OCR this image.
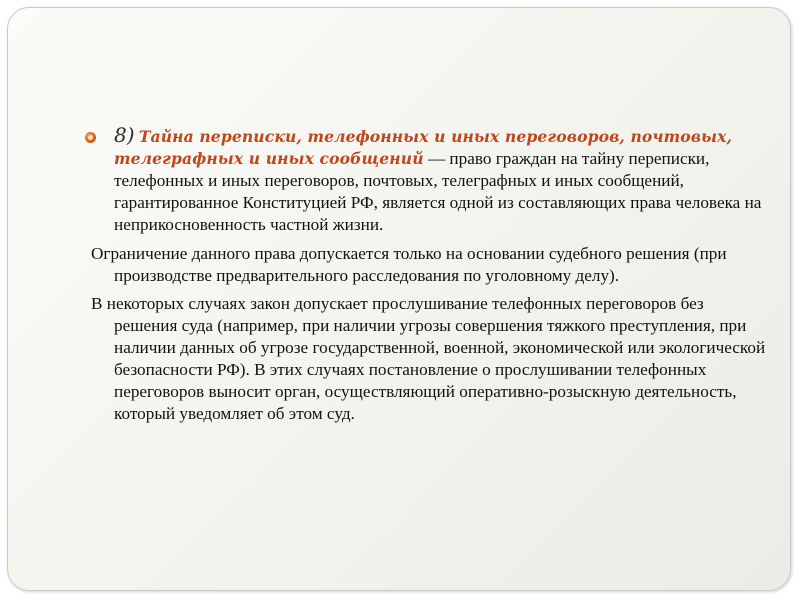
8) Тайна переписки, телефонных и иных переговоров, почтовых, телеграфных и иных сообщений — право граждан на тайну переписки, телефонных и иных переговоров, почтовых, телеграфных и иных сообщений, гарантированное Конституцией РФ, является одной из составляющих права человека на неприкосновенность частной жизни.
Ограничение данного права допускается только на основании судебного решения (при производстве предварительного расследования по уголовному делу).
В некоторых случаях закон допускает прослушивание телефонных переговоров без решения суда (например, при наличии угрозы совершения тяжкого преступления, при наличии данных об угрозе государственной, военной, экономической или экологической безопасности РФ). В этих случаях постановление о прослушивании телефонных переговоров выносит орган, осуществляющий оперативно-розыскную деятельность, который уведомляет об этом суд.
